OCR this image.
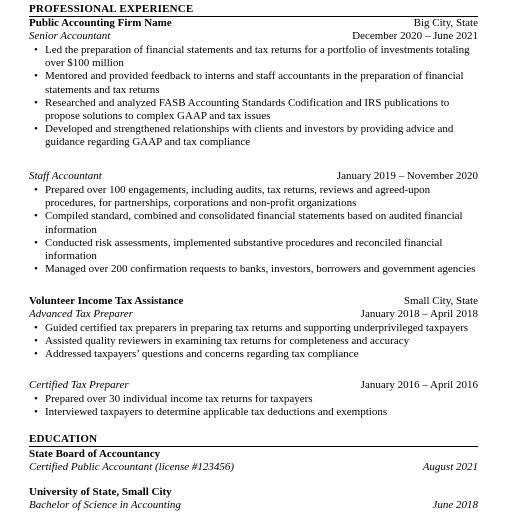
PROFESSIONAL EXPERIENCE
Public Accounting Firm Name	Big City, State
Senior Accountant	December 2020 – June 2021
• Led the preparation of financial statements and tax returns for a portfolio of investments totaling over $100 million
• Mentored and provided feedback to interns and staff accountants in the preparation of financial statements and tax returns
• Researched and analyzed FASB Accounting Standards Codification and IRS publications to propose solutions to complex GAAP and tax issues
• Developed and strengthened relationships with clients and investors by providing advice and guidance regarding GAAP and tax compliance
Staff Accountant	January 2019 – November 2020
• Prepared over 100 engagements, including audits, tax returns, reviews and agreed-upon procedures, for partnerships, corporations and non-profit organizations
• Compiled standard, combined and consolidated financial statements based on audited financial information
• Conducted risk assessments, implemented substantive procedures and reconciled financial information
• Managed over 200 confirmation requests to banks, investors, borrowers and government agencies
Volunteer Income Tax Assistance	Small City, State
Advanced Tax Preparer	January 2018 – April 2018
• Guided certified tax preparers in preparing tax returns and supporting underprivileged taxpayers
• Assisted quality reviewers in examining tax returns for completeness and accuracy
• Addressed taxpayers’ questions and concerns regarding tax compliance
Certified Tax Preparer	January 2016 – April 2016
• Prepared over 30 individual income tax returns for taxpayers
• Interviewed taxpayers to determine applicable tax deductions and exemptions
EDUCATION
State Board of Accountancy
Certified Public Accountant (license #123456)	August 2021
University of State, Small City
Bachelor of Science in Accounting	June 2018
